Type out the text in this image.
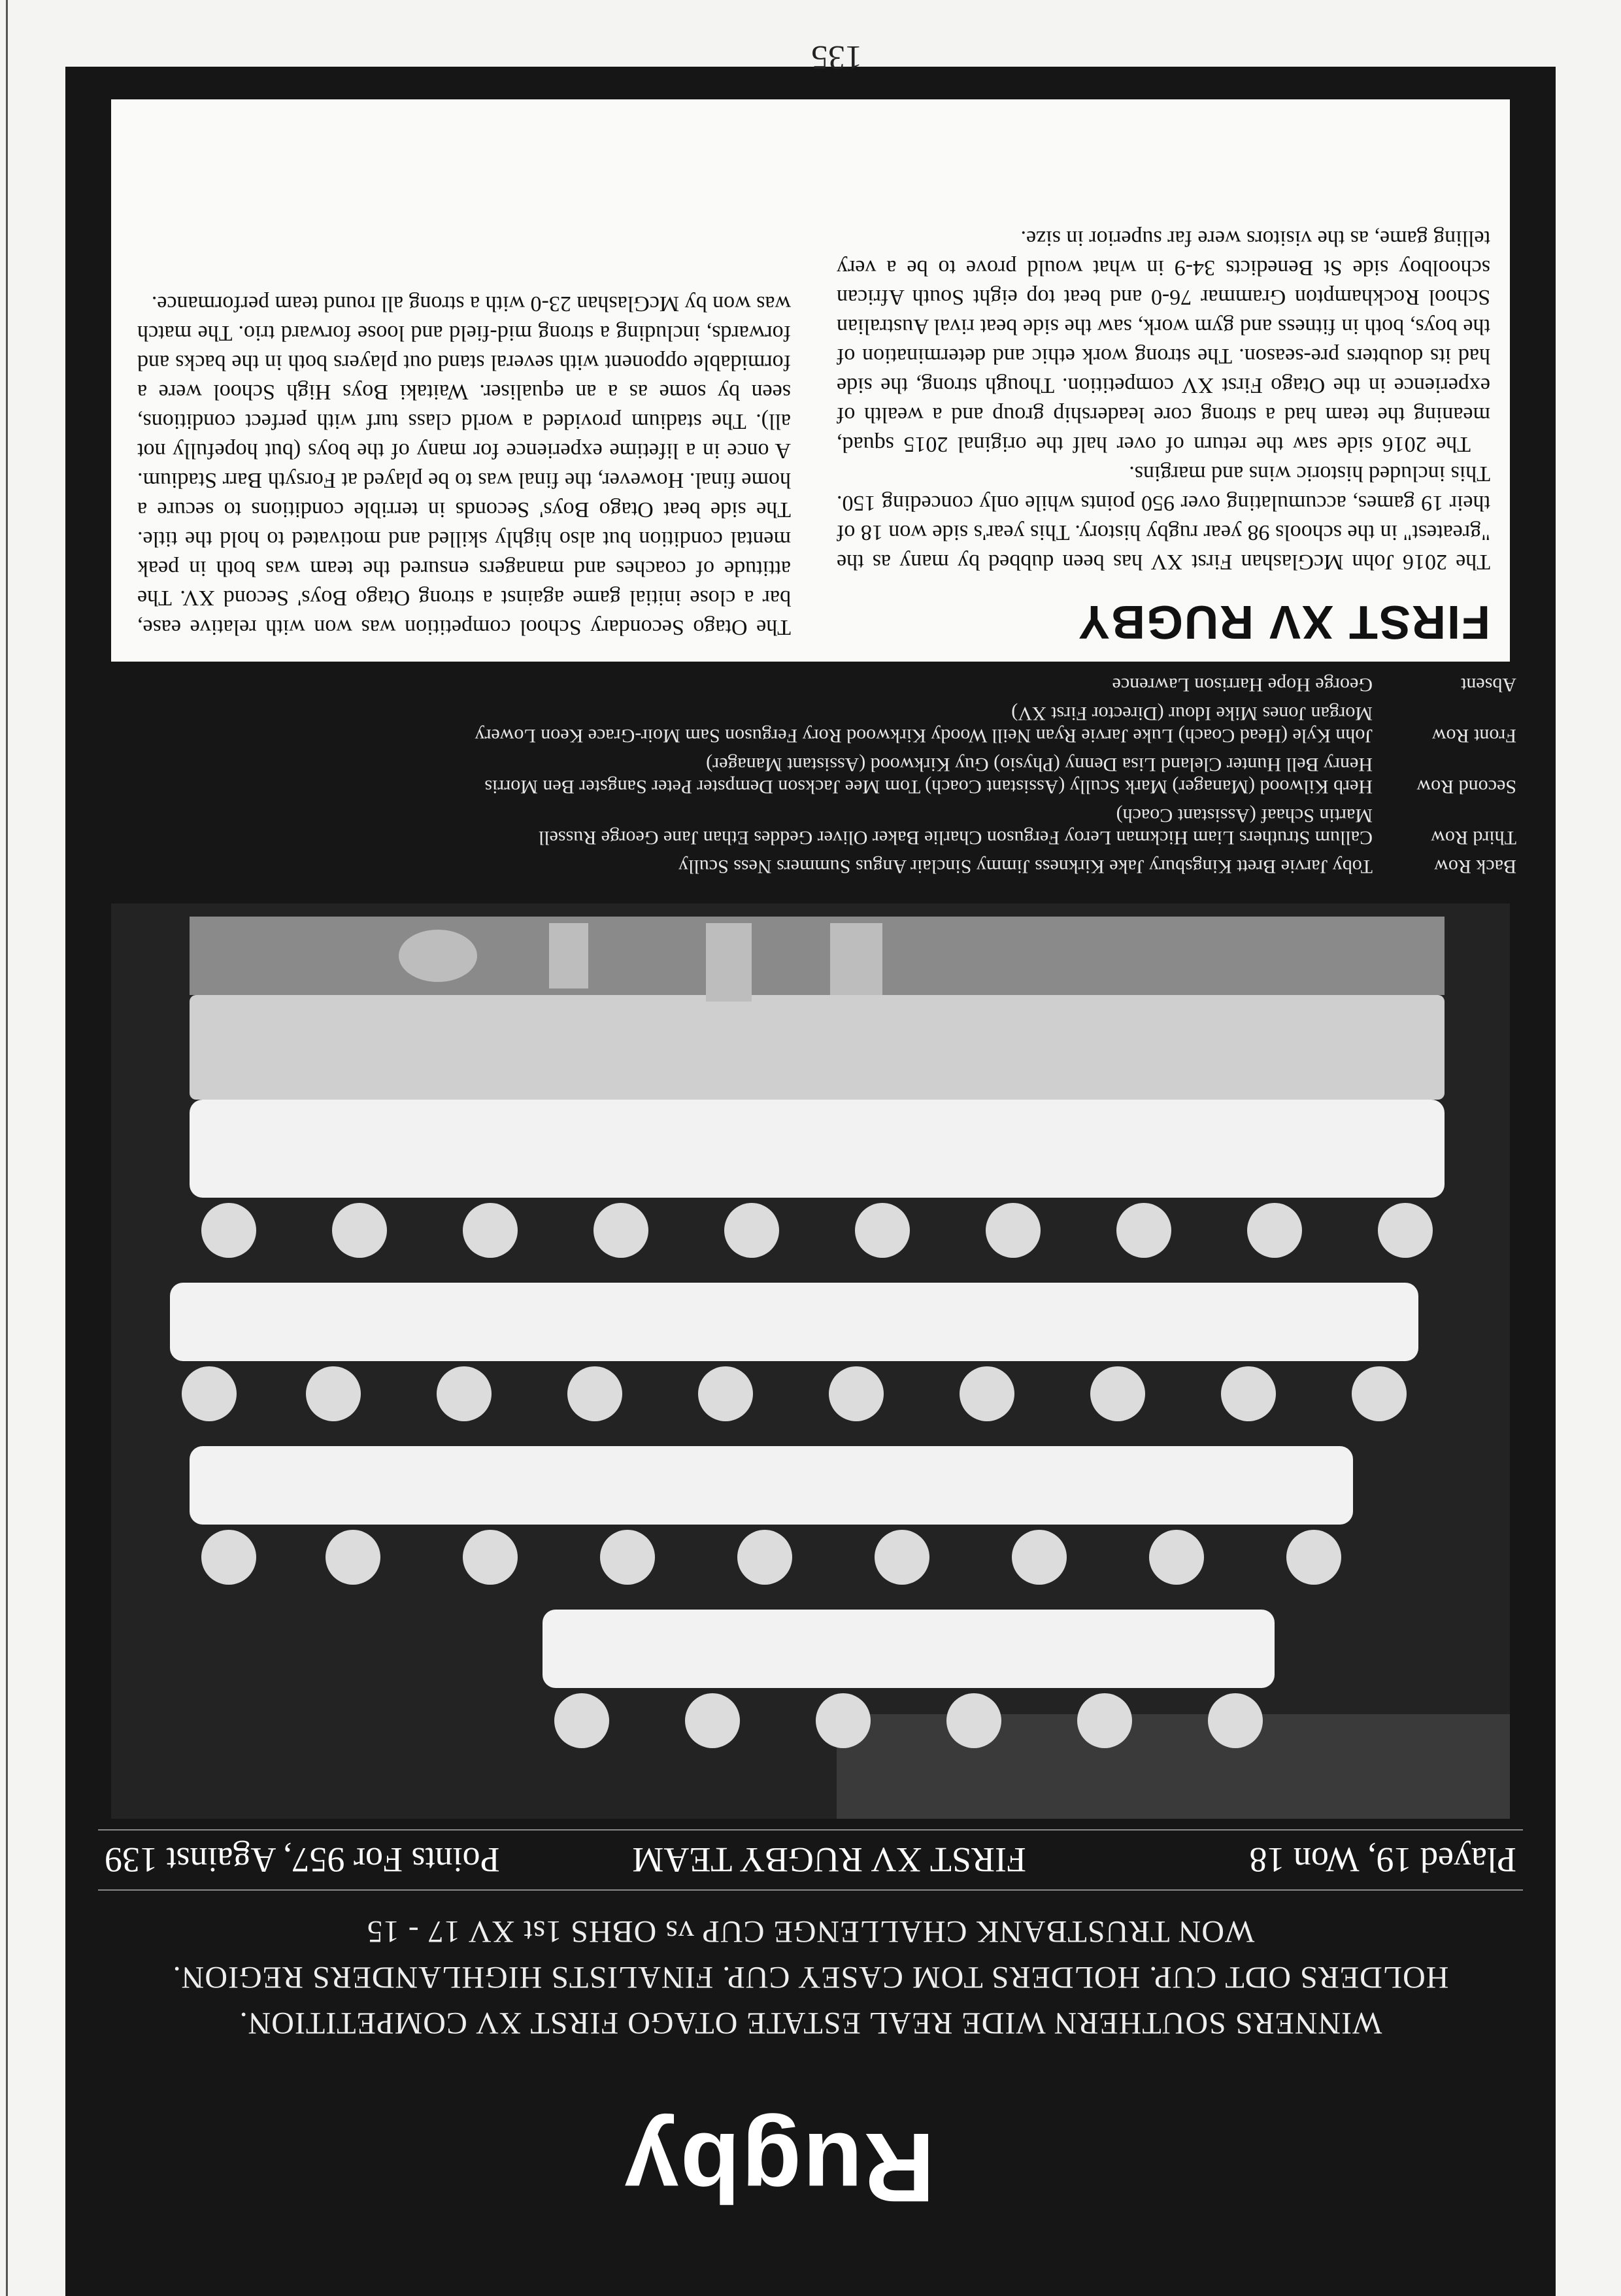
Rugby
WINNERS SOUTHERN WIDE REAL ESTATE OTAGO FIRST XV COMPETITION.
HOLDERS ODT CUP. HOLDERS TOM CASEY CUP. FINALISTS HIGHLANDERS REGION.
WON TRUSTBANK CHALLENGE CUP vs OBHS 1st XV 17 - 15
Played 19, Won 18
FIRST XV RUGBY TEAM
Points For 957, Against 139
Back Row
Toby Jarvie Brett Kingsbury Jake Kirkness Jimmy Sinclair Angus Summers Ness Scully
Third Row
Callum Struthers Liam Hickman Leroy Ferguson Charlie Baker Oliver Geddes Ethan Jane George Russell
Martin Schaaf (Assistant Coach)
Second Row
Herb Kilwood (Manager) Mark Scully (Assistant Coach) Tom Mee Jackson Dempster Peter Sangster Ben Morris
Henry Bell Hunter Cleland Lisa Denny (Physio) Guy Kirkwood (Assistant Manager)
Front Row
John Kyle (Head Coach) Luke Jarvie Ryan Neill Woody Kirkwood Rory Ferguson Sam Moir-Grace Keon Lowery
Morgan Jones Mike Idour (Director First XV)
Absent
George Hope Harrison Lawrence
FIRST XV RUGBY

The 2016 John McGlashan First XV has been dubbed by many as the "greatest" in the schools 98 year rugby history. This year's side won 18 of their 19 games, accumulating over 950 points while only conceding 150. This included historic wins and margins.

The 2016 side saw the return of over half the original 2015 squad, meaning the team had a strong core leadership group and a wealth of experience in the Otago First XV competition. Though strong, the side had its doubters pre-season. The strong work ethic and determination of the boys, both in fitness and gym work, saw the side beat rival Australian School Rockhampton Grammar 76-0 and beat top eight South African schoolboy side St Benedicts 34-9 in what would prove to be a very telling game, as the visitors were far superior in size.

The Otago Secondary School competition was won with relative ease, bar a close initial game against a strong Otago Boys' Second XV. The attitude of coaches and managers ensured the team was both in peak mental condition but also highly skilled and motivated to hold the title. The side beat Otago Boys' Seconds in terrible conditions to secure a home final. However, the final was to be played at Forsyth Barr Stadium. A once in a lifetime experience for many of the boys (but hopefully not all). The stadium provided a world class turf with perfect conditions, seen by some as a an equaliser. Waitaki Boys High School were a formidable opponent with several stand out players both in the backs and forwards, including a strong mid-field and loose forward trio. The match was won by McGlashan 23-0 with a strong all round team performance.

135
